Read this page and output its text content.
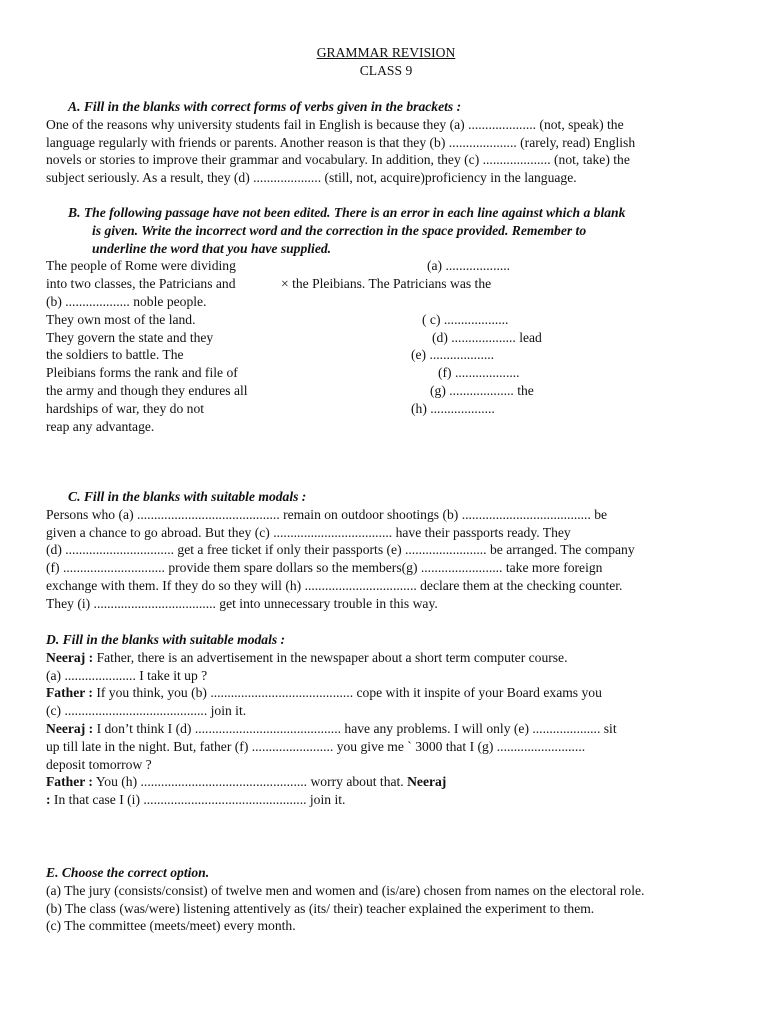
GRAMMAR REVISION

CLASS 9

A. Fill in the blanks with correct forms of verbs given in the brackets :

One of the reasons why university students fail in English is because they (a) .................... (not, speak) the

language regularly with friends or parents. Another reason is that they (b) .................... (rarely, read) English

novels or stories to improve their grammar and vocabulary. In addition, they (c) .................... (not, take) the

subject seriously. As a result, they (d) .................... (still, not, acquire)proficiency in the language.

B. The following passage have not been edited. There is an error in each line against which a blank

is given. Write the incorrect word and the correction in the space provided. Remember to

underline the word that you have supplied.

The people of Rome were dividing	(a) ...................
into two classes, the Patricians and	× the Pleibians. The Patricians was the
(b) ................... noble people.
They own most of the land.	( c) ...................
They govern the state and they	(d) ................... lead
the soldiers to battle. The	(e) ...................
Pleibians forms the rank and file of	(f) ...................
the army and though they endures all	(g) ................... the
hardships of war, they do not	(h) ...................
reap any advantage.

C. Fill in the blanks with suitable modals :

Persons who (a) .......................................... remain on outdoor shootings (b) ...................................... be

given a chance to go abroad. But they (c) ................................... have their passports ready. They

(d) ................................ get a free ticket if only their passports (e) ........................ be arranged. The company

(f) .............................. provide them spare dollars so the members(g) ........................ take more foreign

exchange with them. If they do so they will (h) ................................. declare them at the checking counter.

They (i) .................................... get into unnecessary trouble in this way.

D. Fill in the blanks with suitable modals :

Neeraj : Father, there is an advertisement in the newspaper about a short term computer course.

(a) ..................... I take it up ?

Father : If you think, you (b) .......................................... cope with it inspite of your Board exams you

(c) .......................................... join it.

Neeraj : I don’t think I (d) ........................................... have any problems. I will only (e) .................... sit

up till late in the night. But, father (f) ........................ you give me ` 3000 that I (g) ..........................

deposit tomorrow ?

Father : You (h) ................................................. worry about that. Neeraj

: In that case I (i) ................................................ join it.

E. Choose the correct option.

(a) The jury (consists/consist) of twelve men and women and (is/are) chosen from names on the electoral role.

(b) The class (was/were) listening attentively as (its/ their) teacher explained the experiment to them.

(c) The committee (meets/meet) every month.
